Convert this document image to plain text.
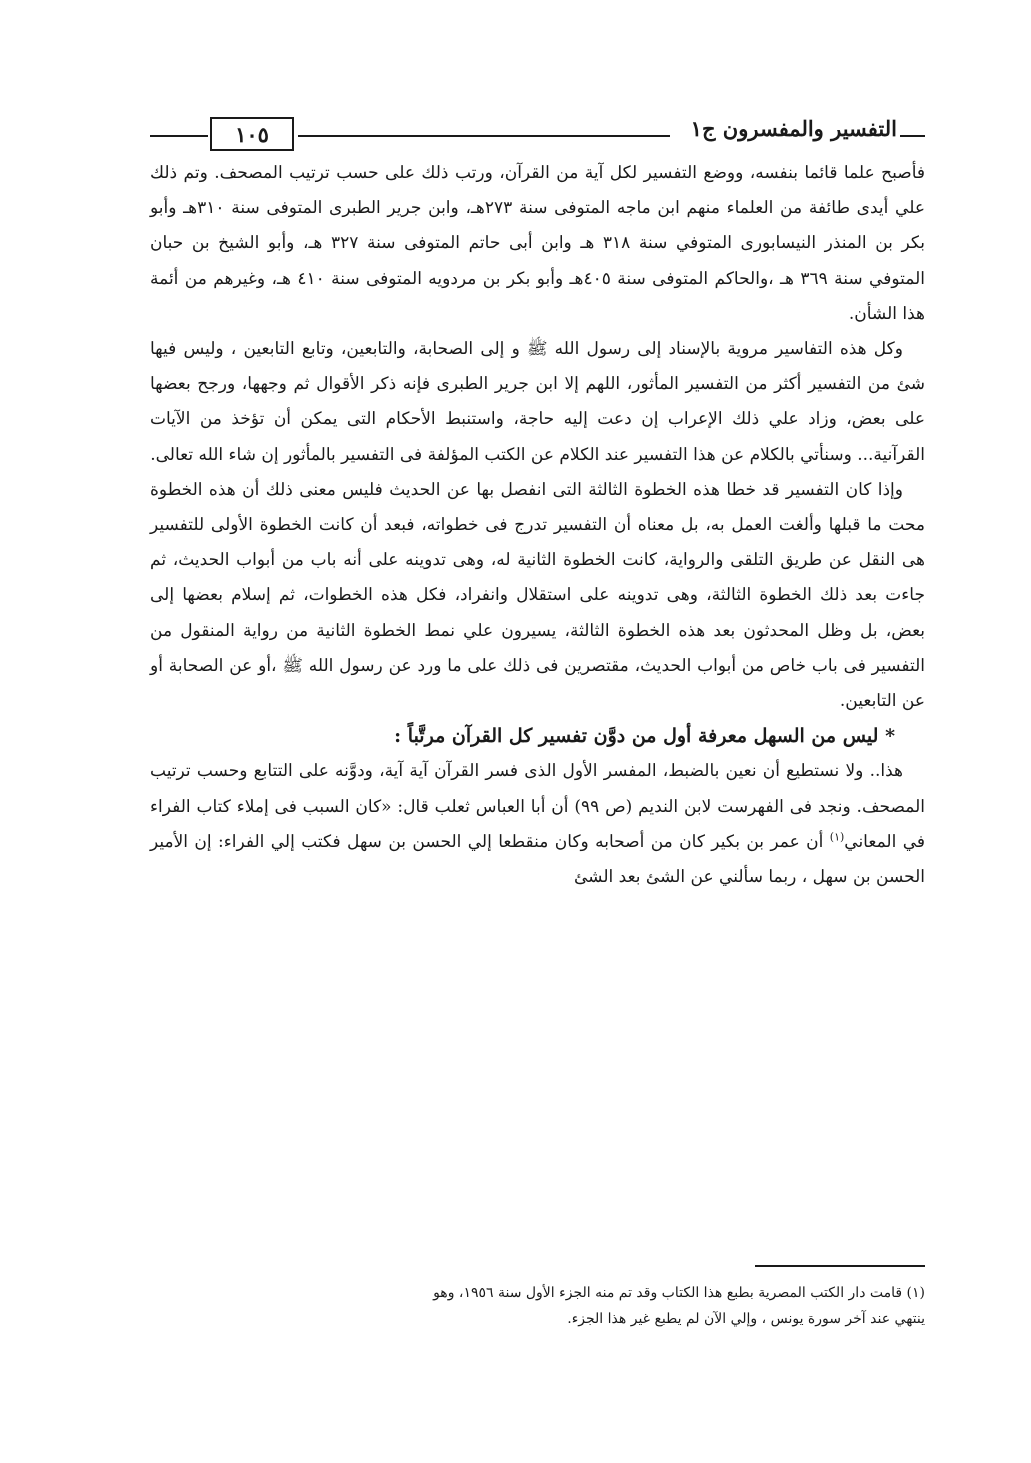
التفسير والمفسرون ج١
١٠٥

فأصبح علما قائما بنفسه، ووضع التفسير لكل آية من القرآن، ورتب ذلك على حسب ترتيب المصحف. وتم ذلك علي أيدى طائفة من العلماء منهم ابن ماجه المتوفى سنة ٢٧٣هـ، وابن جرير الطبرى المتوفى سنة ٣١٠هـ وأبو بكر بن المنذر النيسابورى المتوفي سنة ٣١٨ هـ وابن أبى حاتم المتوفى سنة ٣٢٧ هـ، وأبو الشيخ بن حبان المتوفي سنة ٣٦٩ هـ ،والحاكم المتوفى سنة ٤٠٥هـ وأبو بكر بن مردويه المتوفى سنة ٤١٠ هـ، وغيرهم من أئمة هذا الشأن.

وكل هذه التفاسير مروية بالإسناد إلى رسول الله ﷺ و إلى الصحابة، والتابعين، وتابع التابعين ، وليس فيها شئ من التفسير أكثر من التفسير المأثور، اللهم إلا ابن جرير الطبرى فإنه ذكر الأقوال ثم وجهها، ورجح بعضها على بعض، وزاد علي ذلك الإعراب إن دعت إليه حاجة، واستنبط الأحكام التى يمكن أن تؤخذ من الآيات القرآنية... وسنأتي بالكلام عن هذا التفسير عند الكلام عن الكتب المؤلفة فى التفسير بالمأثور إن شاء الله تعالى.

وإذا كان التفسير قد خطا هذه الخطوة الثالثة التى انفصل بها عن الحديث فليس معنى ذلك أن هذه الخطوة محت ما قبلها وألغت العمل به، بل معناه أن التفسير تدرج فى خطواته، فبعد أن كانت الخطوة الأولى للتفسير هى النقل عن طريق التلقى والرواية، كانت الخطوة الثانية له، وهى تدوينه على أنه باب من أبواب الحديث، ثم جاءت بعد ذلك الخطوة الثالثة، وهى تدوينه على استقلال وانفراد، فكل هذه الخطوات، ثم إسلام بعضها إلى بعض، بل وظل المحدثون بعد هذه الخطوة الثالثة، يسيرون علي نمط الخطوة الثانية من رواية المنقول من التفسير فى باب خاص من أبواب الحديث، مقتصرين فى ذلك على ما ورد عن رسول الله ﷺ ،أو عن الصحابة أو عن التابعين.

* ليس من السهل معرفة أول من دوَّن تفسير كل القرآن مرتَّباً :

هذا.. ولا نستطيع أن نعين بالضبط، المفسر الأول الذى فسر القرآن آية آية، ودوَّنه على التتابع وحسب ترتيب المصحف. ونجد فى الفهرست لابن النديم (ص ٩٩) أن أبا العباس ثعلب قال: «كان السبب فى إملاء كتاب الفراء في المعاني$^{(١)}$ أن عمر بن بكير كان من أصحابه وكان منقطعا إلي الحسن بن سهل فكتب إلي الفراء: إن الأمير الحسن بن سهل ، ربما سألني عن الشئ بعد الشئ

(١) قامت دار الكتب المصرية بطبع هذا الكتاب وقد تم منه الجزء الأول سنة ١٩٥٦، وهو

ينتهي عند آخر سورة يونس ، وإلي الآن لم يطبع غير هذا الجزء.
